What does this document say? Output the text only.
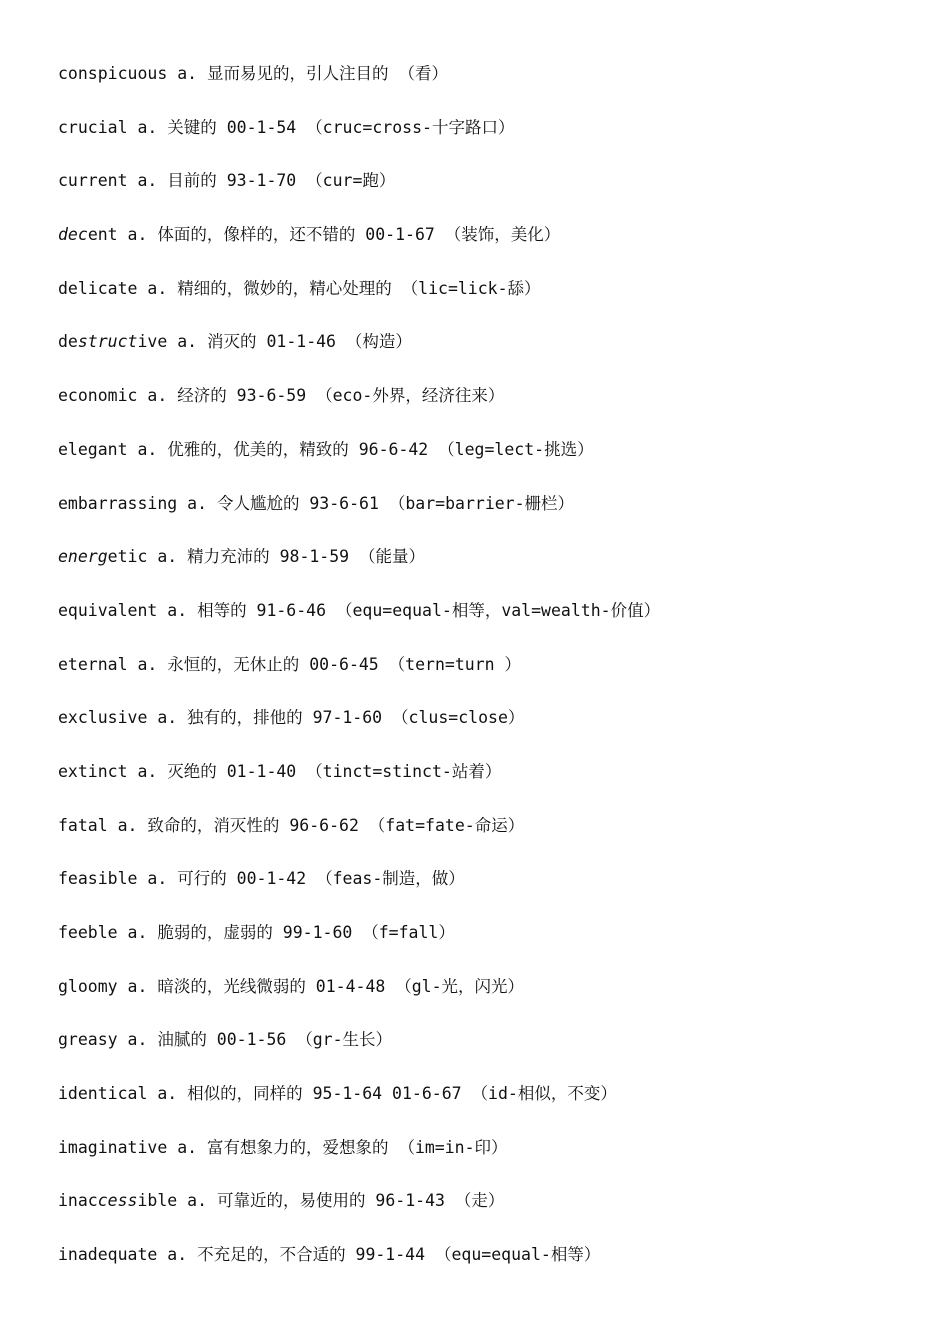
conspicuous a. 显而易见的，引人注目的 （看）
crucial a. 关键的 00-1-54 （cruc=cross-十字路口）
current a. 目前的 93-1-70 （cur=跑）
decent a. 体面的，像样的，还不错的 00-1-67 （装饰，美化）
delicate a. 精细的，微妙的，精心处理的 （lic=lick-舔）
destructive a. 消灭的 01-1-46 （构造）
economic a. 经济的 93-6-59 （eco-外界，经济往来）
elegant a. 优雅的，优美的，精致的 96-6-42 （leg=lect-挑选）
embarrassing a. 令人尴尬的 93-6-61 （bar=barrier-栅栏）
energetic a. 精力充沛的 98-1-59 （能量）
equivalent a. 相等的 91-6-46 （equ=equal-相等，val=wealth-价值）
eternal a. 永恒的，无休止的 00-6-45 （tern=turn ）
exclusive a. 独有的，排他的 97-1-60 （clus=close）
extinct a. 灭绝的 01-1-40 （tinct=stinct-站着）
fatal a. 致命的，消灭性的 96-6-62 （fat=fate-命运）
feasible a. 可行的 00-1-42 （feas-制造，做）
feeble a. 脆弱的，虚弱的 99-1-60 （f=fall）
gloomy a. 暗淡的，光线微弱的 01-4-48 （gl-光，闪光）
greasy a. 油腻的 00-1-56 （gr-生长）
identical a. 相似的，同样的 95-1-64 01-6-67 （id-相似，不变）
imaginative a. 富有想象力的，爱想象的 （im=in-印）
inaccessible a. 可靠近的，易使用的 96-1-43 （走）
inadequate a. 不充足的，不合适的 99-1-44 （equ=equal-相等）
